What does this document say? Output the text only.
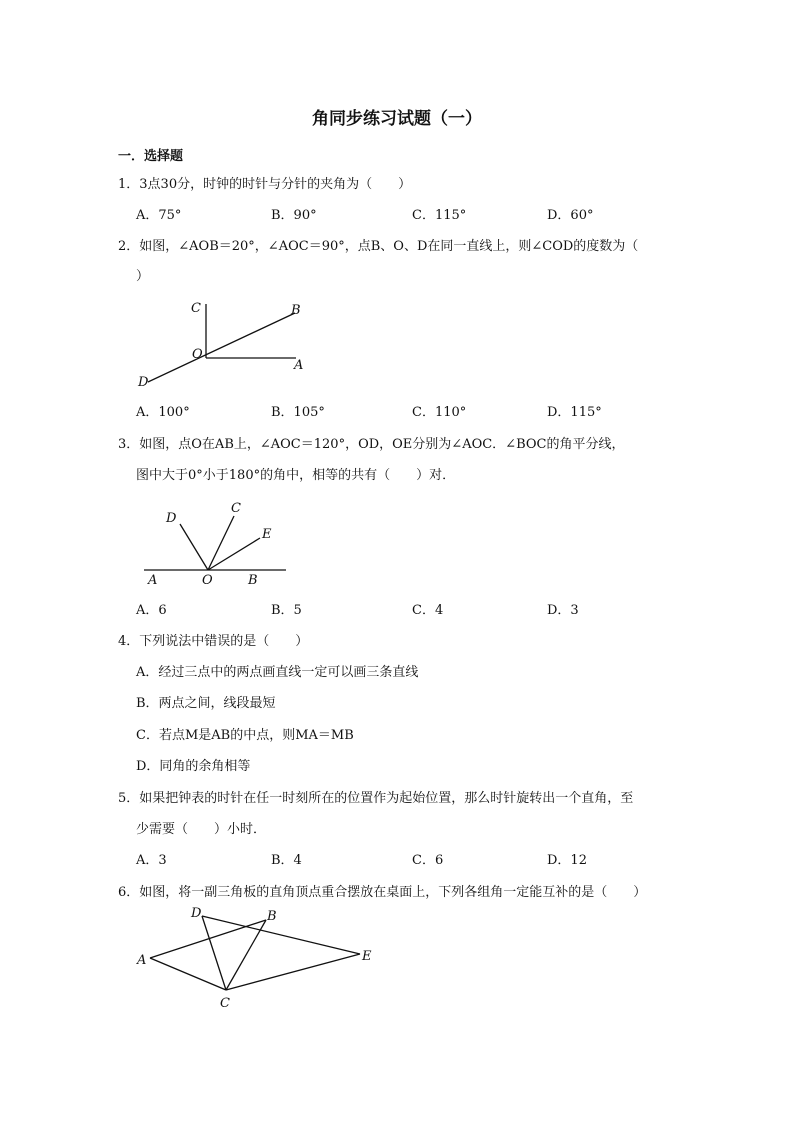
角同步练习试题（一）
一．选择题
1．3点30分，时钟的时针与分针的夹角为（　　）
A．75°	B．90°	C．115°	D．60°
2．如图，∠AOB＝20°，∠AOC＝90°，点B、O、D在同一直线上，则∠COD的度数为（
）
C	B
O
A
D
A．100°	B．105°	C．110°	D．115°
3．如图，点O在AB上，∠AOC＝120°，OD，OE分别为∠AOC．∠BOC的角平分线，
图中大于0°小于180°的角中，相等的共有（　　）对．
D
C
E
A	O	B
A．6	B．5	C．4	D．3
4．下列说法中错误的是（　　）
A．经过三点中的两点画直线一定可以画三条直线
B．两点之间，线段最短
C．若点M是AB的中点，则MA＝MB
D．同角的余角相等
5．如果把钟表的时针在任一时刻所在的位置作为起始位置，那么时针旋转出一个直角，至
少需要（　　）小时．
A．3	B．4	C．6	D．12
6．如图，将一副三角板的直角顶点重合摆放在桌面上，下列各组角一定能互补的是（　　）
D	B
A	E
C
